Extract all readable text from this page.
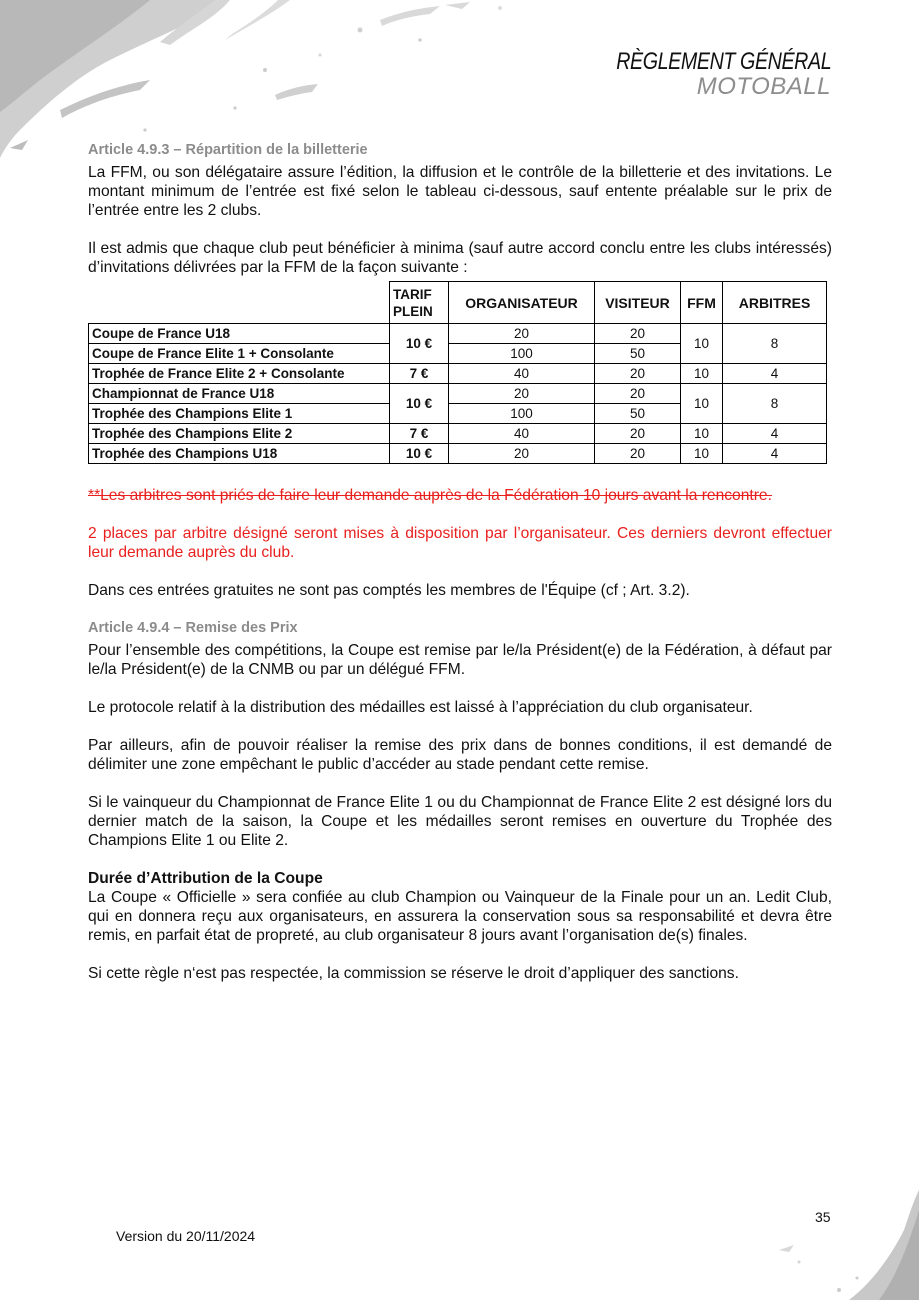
RÈGLEMENT GÉNÉRAL
MOTOBALL
Article 4.9.3 – Répartition de la billetterie

La FFM, ou son délégataire assure l’édition, la diffusion et le contrôle de la billetterie et des invitations. Le montant minimum de l’entrée est fixé selon le tableau ci-dessous, sauf entente préalable sur le prix de l’entrée entre les 2 clubs.

Il est admis que chaque club peut bénéficier à minima (sauf autre accord conclu entre les clubs intéressés) d’invitations délivrées par la FFM de la façon suivante :

	TARIF PLEIN	ORGANISATEUR	VISITEUR	FFM	ARBITRES
Coupe de France U18	10 €	20	20	10	8
Coupe de France Elite 1 + Consolante		100	50		
Trophée de France Elite 2 + Consolante	7 €	40	20	10	4
Championnat de France U18	10 €	20	20	10	8
Trophée des Champions Elite 1		100	50		
Trophée des Champions Elite 2	7 €	40	20	10	4
Trophée des Champions U18	10 €	20	20	10	4

**Les arbitres sont priés de faire leur demande auprès de la Fédération 10 jours avant la rencontre.

2 places par arbitre désigné seront mises à disposition par l’organisateur. Ces derniers devront effectuer leur demande auprès du club.

Dans ces entrées gratuites ne sont pas comptés les membres de l'Équipe (cf ; Art. 3.2).

Article 4.9.4 – Remise des Prix

Pour l’ensemble des compétitions, la Coupe est remise par le/la Président(e) de la Fédération, à défaut par le/la Président(e) de la CNMB ou par un délégué FFM.

Le protocole relatif à la distribution des médailles est laissé à l’appréciation du club organisateur.

Par ailleurs, afin de pouvoir réaliser la remise des prix dans de bonnes conditions, il est demandé de délimiter une zone empêchant le public d’accéder au stade pendant cette remise.

Si le vainqueur du Championnat de France Elite 1 ou du Championnat de France Elite 2 est désigné lors du dernier match de la saison, la Coupe et les médailles seront remises en ouverture du Trophée des Champions Elite 1 ou Elite 2.

Durée d’Attribution de la Coupe

La Coupe « Officielle » sera confiée au club Champion ou Vainqueur de la Finale pour un an. Ledit Club, qui en donnera reçu aux organisateurs, en assurera la conservation sous sa responsabilité et devra être remis, en parfait état de propreté, au club organisateur 8 jours avant l’organisation de(s) finales.

Si cette règle n‘est pas respectée, la commission se réserve le droit d’appliquer des sanctions.

35
Version du 20/11/2024
